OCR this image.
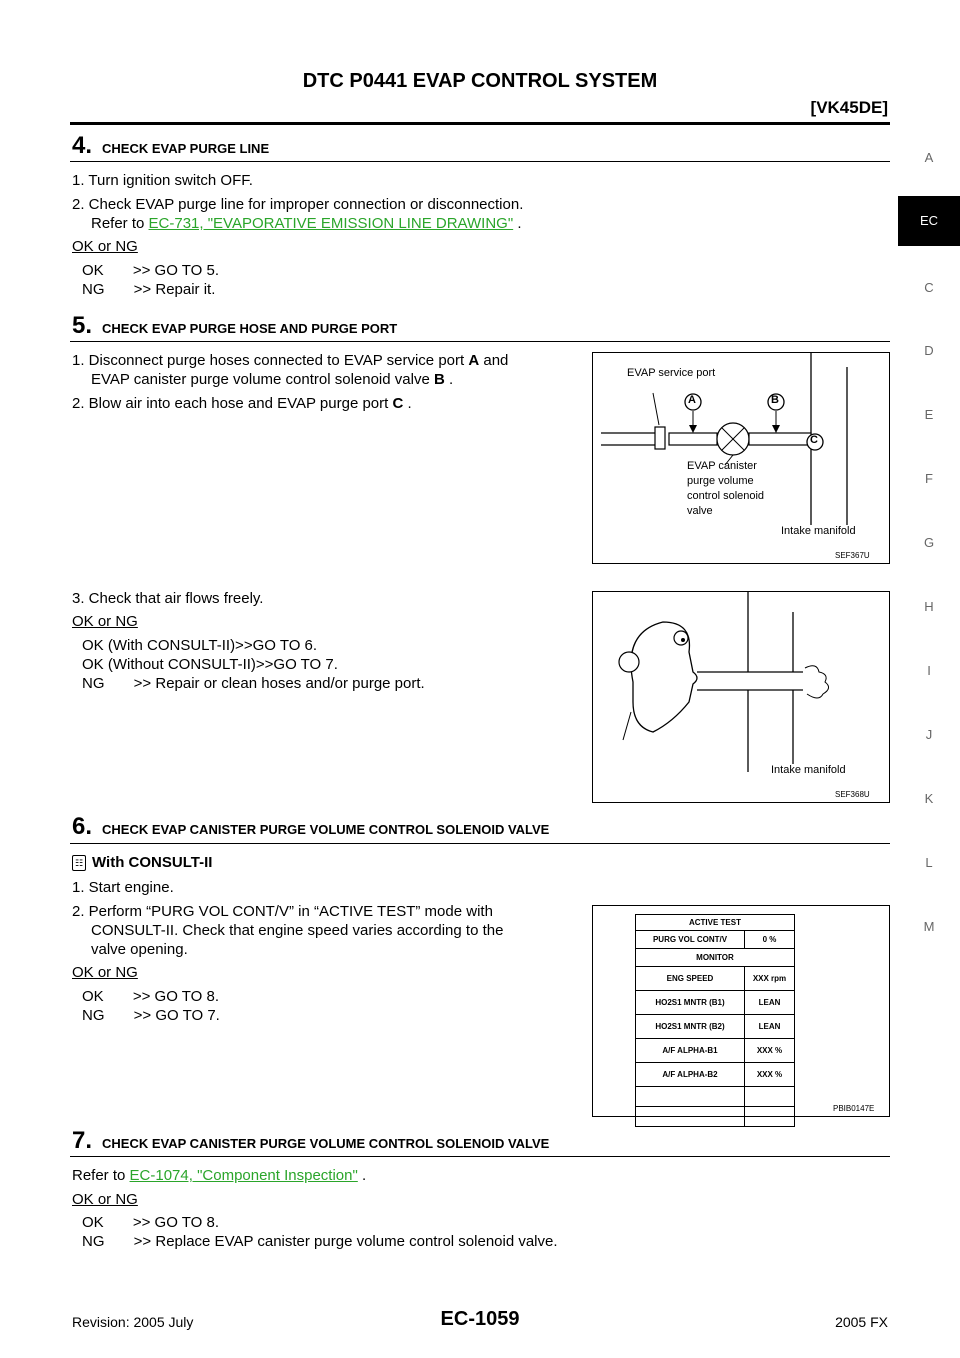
DTC P0441 EVAP CONTROL SYSTEM
[VK45DE]
A
EC
C
D
E
F
G
H
I
J
K
L
M
4. CHECK EVAP PURGE LINE
1. Turn ignition switch OFF.
2. Check EVAP purge line for improper connection or disconnection.
Refer to EC-731, "EVAPORATIVE EMISSION LINE DRAWING" .
OK or NG
OK       >> GO TO 5.
NG       >> Repair it.
5. CHECK EVAP PURGE HOSE AND PURGE PORT
1. Disconnect purge hoses connected to EVAP service port A and
EVAP canister purge volume control solenoid valve B .
2. Blow air into each hose and EVAP purge port C .
EVAP service port
A	B
C
EVAP canister
purge volume
control solenoid
valve
Intake manifold
SEF367U
3. Check that air flows freely.
OK or NG
OK (With CONSULT-II)>>GO TO 6.
OK (Without CONSULT-II)>>GO TO 7.
NG       >> Repair or clean hoses and/or purge port.
Intake manifold
SEF368U
6. CHECK EVAP CANISTER PURGE VOLUME CONTROL SOLENOID VALVE
☷ With CONSULT-II
1. Start engine.
2. Perform “PURG VOL CONT/V” in “ACTIVE TEST” mode with
CONSULT-II. Check that engine speed varies according to the
valve opening.
OK or NG
OK       >> GO TO 8.
NG       >> GO TO 7.
ACTIVE TEST	
PURG VOL CONT/V	0 %
MONITOR	
ENG SPEED	XXX rpm
HO2S1 MNTR (B1)	LEAN
HO2S1 MNTR (B2)	LEAN
A/F ALPHA-B1	XXX %
A/F ALPHA-B2	XXX %

PBIB0147E
7. CHECK EVAP CANISTER PURGE VOLUME CONTROL SOLENOID VALVE
Refer to EC-1074, "Component Inspection" .
OK or NG
OK       >> GO TO 8.
NG       >> Replace EVAP canister purge volume control solenoid valve.
Revision: 2005 July	EC-1059	2005 FX
